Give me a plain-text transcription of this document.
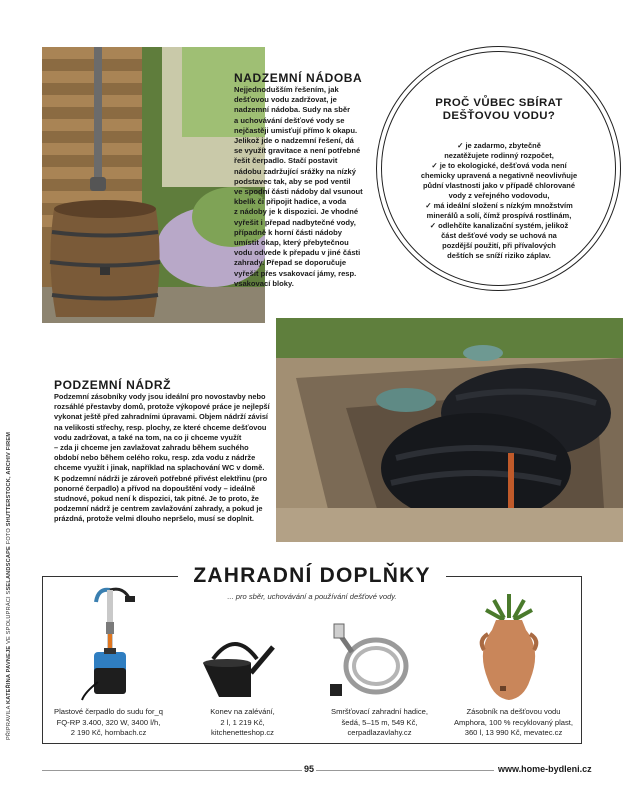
NADZEMNÍ NÁDOBA
Nejjednodušším řešením, jak
dešťovou vodu zadržovat, je
nadzemní nádoba. Sudy na sběr
a uchovávání dešťové vody se
nejčastěji umisťují přímo k okapu.
Jelikož jde o nadzemní řešení, dá
se využít gravitace a není potřebné
řešit čerpadlo. Stačí postavit
nádobu zadržující srážky na nízký
podstavec tak, aby se pod ventil
ve spodní části nádoby dal vsunout
kbelík či připojit hadice, a voda
z nádoby je k dispozici. Je vhodné
vyřešit i přepad nadbytečné vody,
případně k horní části nádoby
umístit okap, který přebytečnou
vodu odvede k přepadu v jiné části
zahrady. Přepad se doporučuje
vyřešit přes vsakovací jámy, resp.
vsakovací bloky.
PROČ VŮBEC SBÍRAT DEŠŤOVOU VODU?
✓ je zadarmo, zbytečně
nezatěžujete rodinný rozpočet,
✓ je to ekologické, dešťová voda není
chemicky upravená a negativně neovlivňuje
půdní vlastnosti jako v případě chlorované
vody z veřejného vodovodu,
✓ má ideální složení s nízkým množstvím
minerálů a solí, čímž prospívá rostlinám,
✓ odlehčíte kanalizační systém, jelikož
část dešťové vody se uchová na
pozdější použití, při přívalových
deštích se sníží riziko záplav.
PODZEMNÍ NÁDRŽ
Podzemní zásobníky vody jsou ideální pro novostavby nebo
rozsáhlé přestavby domů, protože výkopové práce je nejlepší
vykonat ještě před zahradními úpravami. Objem nádrží závisí
na velikosti střechy, resp. plochy, ze které chceme dešťovou
vodu zadržovat, a také na tom, na co ji chceme využít
– zda ji chceme jen zavlažovat zahradu během suchého
období nebo během celého roku, resp. zda vodu z nádrže
chceme využít i jinak, například na splachování WC v domě.
K podzemní nádrži je zároveň potřebné přivést elektřinu (pro
ponorné čerpadlo) a přívod na dopouštění vody – ideálně
studnové, pokud není k dispozici, tak pitné. Je to proto, že
podzemní nádrž je centrem zavlažování zahrady, a pokud je
prázdná, protože velmi dlouho nepršelo, musí se doplnit.
PŘIPRAVILA KATEŘINA PAVNEJE VE SPOLUPRÁCI SSELANDSCAPE FOTO SHUTTERSTOCK, ARCHIV FIREM
ZAHRADNÍ DOPLŇKY
... pro sběr, uchovávání a používání dešťové vody.
Plastové čerpadlo do sudu for_q
FQ-RP 3.400, 320 W, 3400 l/h,
2 190 Kč, hornbach.cz
Konev na zalévání,
2 l, 1 219 Kč,
kitchenetteshop.cz
Smršťovací zahradní hadice,
šedá, 5–15 m, 549 Kč,
cerpadlazavlahy.cz
Zásobník na dešťovou vodu
Amphora, 100 % recyklovaný plast,
360 l, 13 990 Kč, mevatec.cz
95	www.home-bydleni.cz
